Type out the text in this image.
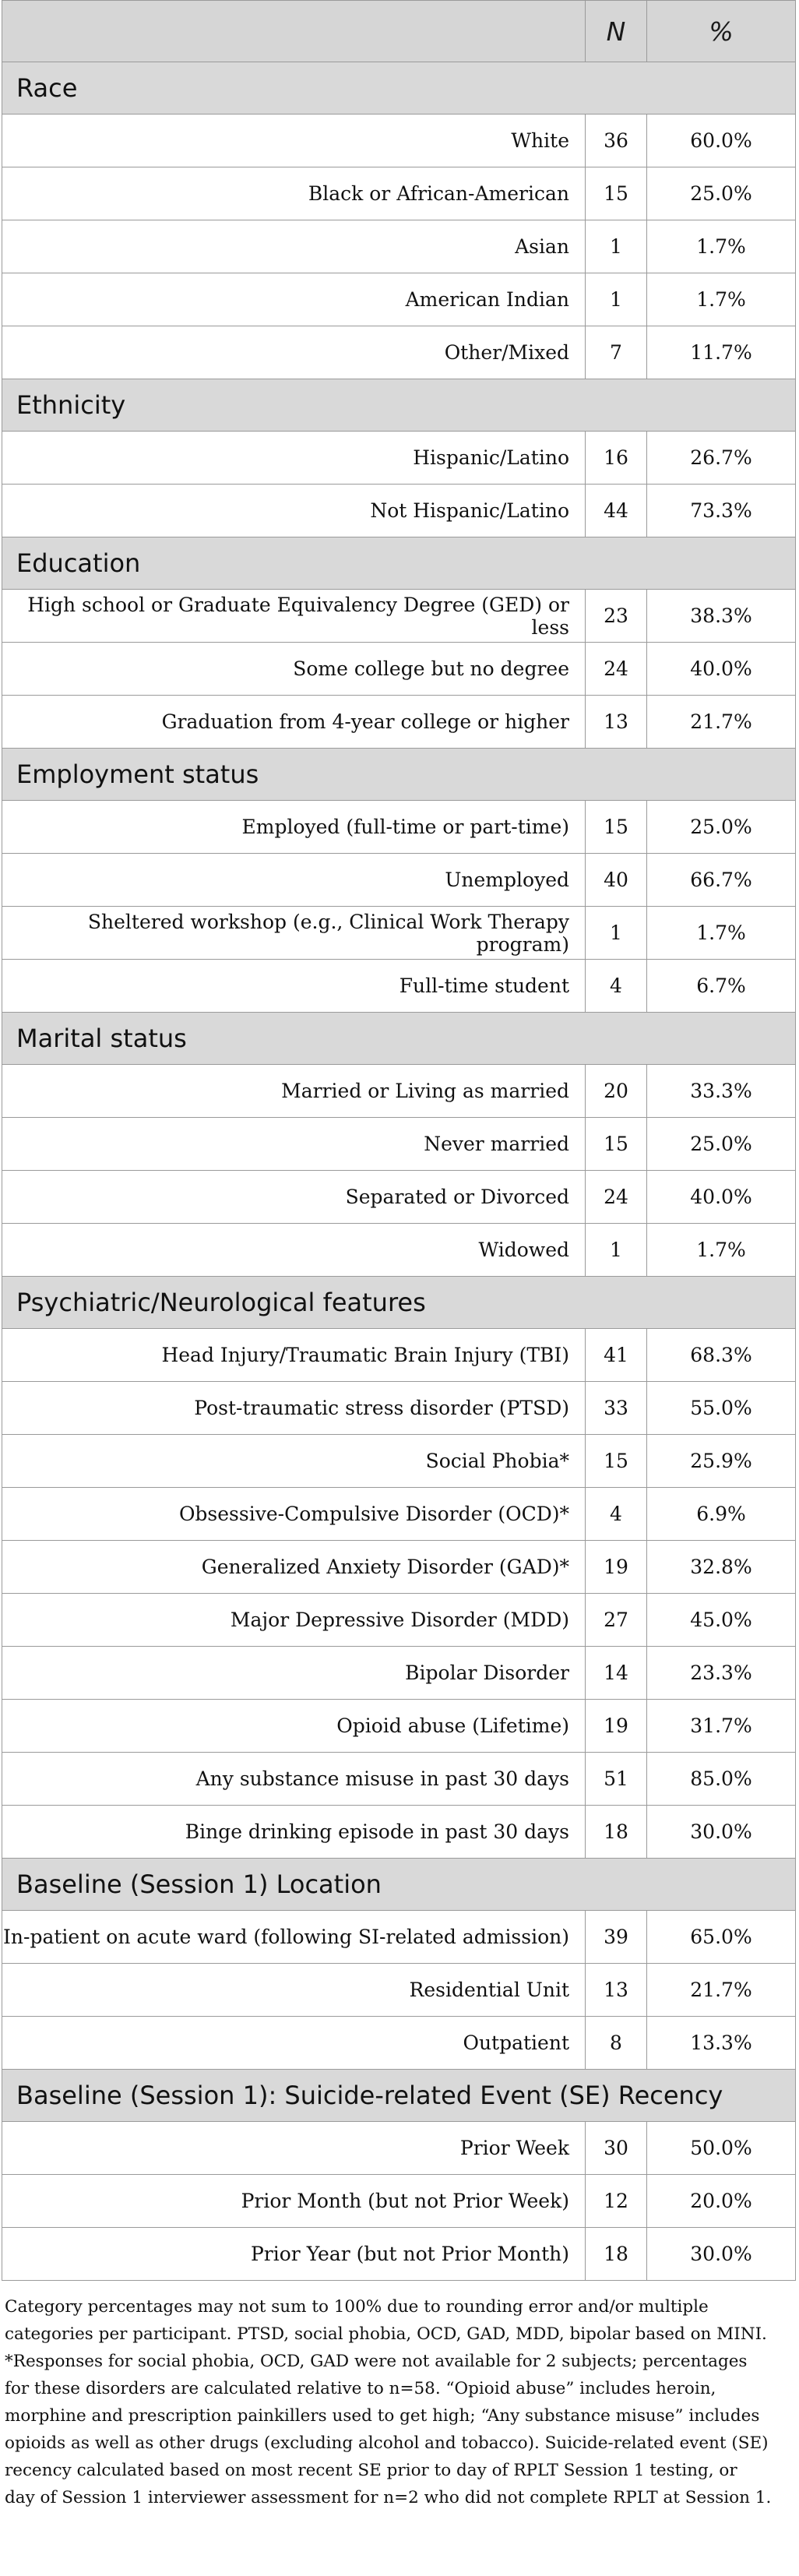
	N	%
Race		
White	36	60.0%
Black or African-American	15	25.0%
Asian	1	1.7%
American Indian	1	1.7%
Other/Mixed	7	11.7%
Ethnicity		
Hispanic/Latino	16	26.7%
Not Hispanic/Latino	44	73.3%
Education		
High school or Graduate Equivalency Degree (GED) or less	23	38.3%
Some college but no degree	24	40.0%
Graduation from 4-year college or higher	13	21.7%
Employment status		
Employed (full-time or part-time)	15	25.0%
Unemployed	40	66.7%
Sheltered workshop (e.g., Clinical Work Therapy program)	1	1.7%
Full-time student	4	6.7%
Marital status		
Married or Living as married	20	33.3%
Never married	15	25.0%
Separated or Divorced	24	40.0%
Widowed	1	1.7%
Psychiatric/Neurological features		
Head Injury/Traumatic Brain Injury (TBI)	41	68.3%
Post-traumatic stress disorder (PTSD)	33	55.0%
Social Phobia*	15	25.9%
Obsessive-Compulsive Disorder (OCD)*	4	6.9%
Generalized Anxiety Disorder (GAD)*	19	32.8%
Major Depressive Disorder (MDD)	27	45.0%
Bipolar Disorder	14	23.3%
Opioid abuse (Lifetime)	19	31.7%
Any substance misuse in past 30 days	51	85.0%
Binge drinking episode in past 30 days	18	30.0%
Baseline (Session 1) Location		
In-patient on acute ward (following SI-related admission)	39	65.0%
Residential Unit	13	21.7%
Outpatient	8	13.3%
Baseline (Session 1): Suicide-related Event (SE) Recency		
Prior Week	30	50.0%
Prior Month (but not Prior Week)	12	20.0%
Prior Year (but not Prior Month)	18	30.0%
Category percentages may not sum to 100% due to rounding error and/or multiple categories per participant. PTSD, social phobia, OCD, GAD, MDD, bipolar based on MINI. *Responses for social phobia, OCD, GAD were not available for 2 subjects; percentages for these disorders are calculated relative to n=58. “Opioid abuse” includes heroin, morphine and prescription painkillers used to get high; “Any substance misuse” includes opioids as well as other drugs (excluding alcohol and tobacco). Suicide-related event (SE) recency calculated based on most recent SE prior to day of RPLT Session 1 testing, or day of Session 1 interviewer assessment for n=2 who did not complete RPLT at Session 1.
